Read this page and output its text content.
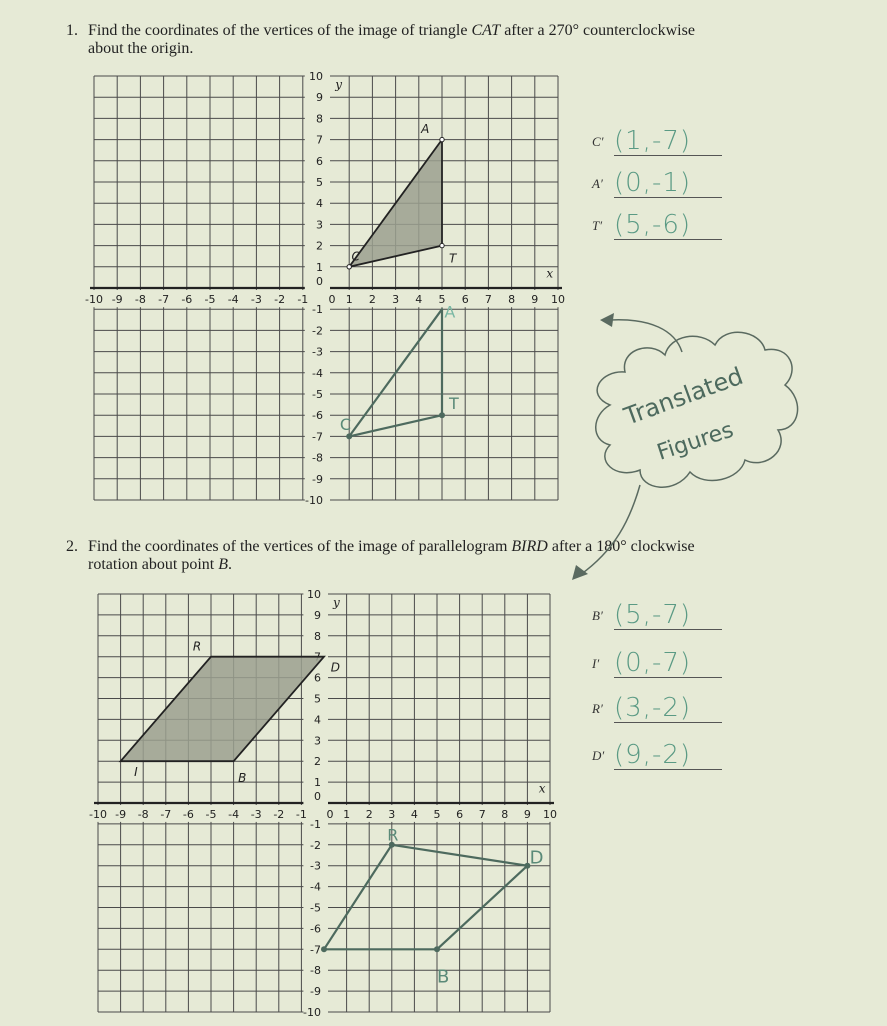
1. Find the coordinates of the vertices of the image of triangle CAT after a 270° counterclockwise
about the origin.
-10 -9 -8 -7 -6 -5 -4 -3 -2 -1 0 1 2 3 4 5 6 7 8 9 10
10
9
8
7
6
5
4
3
2
1
0
-1
-2
-3
-4
-5
-6
-7
-8
-9
-10
x
y
C
A
T
C
A
T
2. Find the coordinates of the vertices of the image of parallelogram BIRD after a 180° clockwise
rotation about point B.
-10 -9 -8 -7 -6 -5 -4 -3 -2 -1 0 1 2 3 4 5 6 7 8 9 10
10
9
8
6
5
4
3
2
1
0
-1
-2
-3
-4
-5
-6
-7
-8
-9
-10
x
y
R
D
I	B
R
D
B
C′ (1,-7)
A′ (0,-1)
T′ (5,-6)
B′ (5,-7)
I′ (0,-7)
R′ (3,-2)
D′ (9,-2)
Translated
Figures
